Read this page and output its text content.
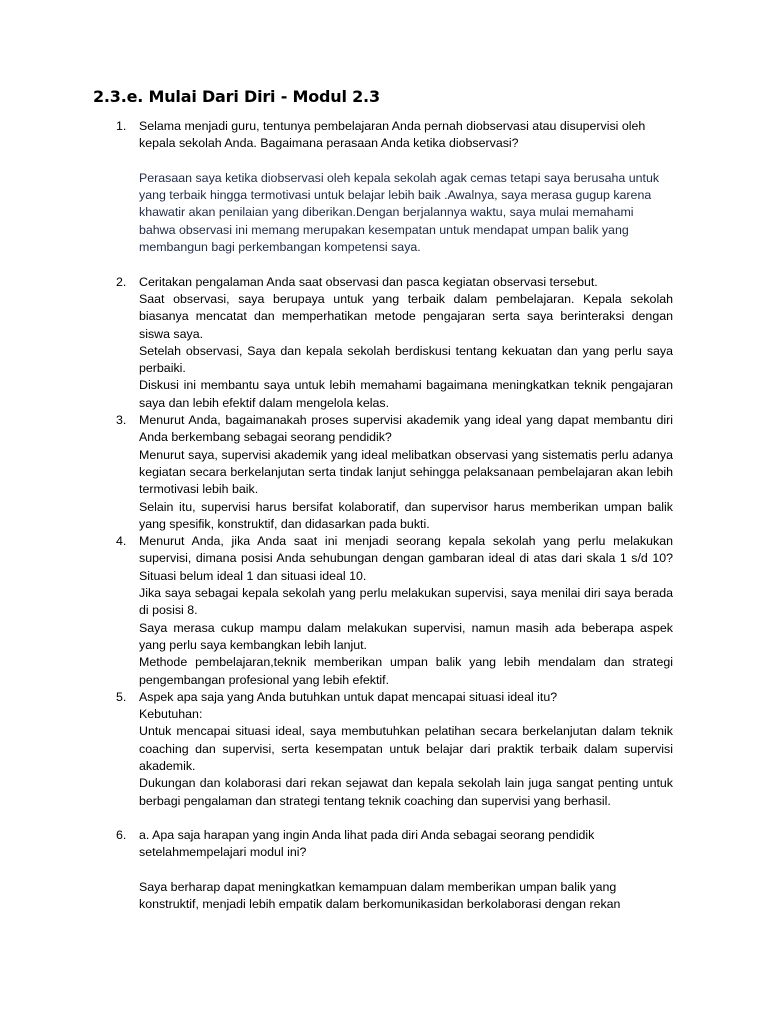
2.3.e. Mulai Dari Diri - Modul 2.3
1. Selama menjadi guru, tentunya pembelajaran Anda pernah diobservasi atau disupervisi oleh kepala sekolah Anda. Bagaimana perasaan Anda ketika diobservasi?

Perasaan saya ketika diobservasi oleh kepala sekolah agak cemas tetapi saya berusaha untuk yang terbaik hingga termotivasi untuk belajar lebih baik .Awalnya, saya merasa gugup karena khawatir akan penilaian yang diberikan.Dengan berjalannya waktu, saya mulai memahami bahwa observasi ini memang merupakan kesempatan untuk mendapat umpan balik yang membangun bagi perkembangan kompetensi saya.

2. Ceritakan pengalaman Anda saat observasi dan pasca kegiatan observasi tersebut.

Saat observasi, saya berupaya untuk yang terbaik dalam pembelajaran. Kepala sekolah biasanya mencatat dan memperhatikan metode pengajaran serta saya berinteraksi dengan siswa saya.

Setelah observasi, Saya dan kepala sekolah berdiskusi tentang kekuatan dan yang perlu saya perbaiki.

Diskusi ini membantu saya untuk lebih memahami bagaimana meningkatkan teknik pengajaran saya dan lebih efektif dalam mengelola kelas.

3. Menurut Anda, bagaimanakah proses supervisi akademik yang ideal yang dapat membantu diri Anda berkembang sebagai seorang pendidik?

Menurut saya, supervisi akademik yang ideal melibatkan observasi yang sistematis perlu adanya kegiatan secara berkelanjutan serta tindak lanjut sehingga pelaksanaan pembelajaran akan lebih termotivasi lebih baik.

Selain itu, supervisi harus bersifat kolaboratif, dan supervisor harus memberikan umpan balik yang spesifik, konstruktif, dan didasarkan pada bukti.

4. Menurut Anda, jika Anda saat ini menjadi seorang kepala sekolah yang perlu melakukan supervisi, dimana posisi Anda sehubungan dengan gambaran ideal di atas dari skala 1 s/d 10? Situasi belum ideal 1 dan situasi ideal 10.

Jika saya sebagai kepala sekolah yang perlu melakukan supervisi, saya menilai diri saya berada di posisi 8.

Saya merasa cukup mampu dalam melakukan supervisi, namun masih ada beberapa aspek yang perlu saya kembangkan lebih lanjut.

Methode pembelajaran,teknik memberikan umpan balik yang lebih mendalam dan strategi pengembangan profesional yang lebih efektif.

5. Aspek apa saja yang Anda butuhkan untuk dapat mencapai situasi ideal itu?

Kebutuhan:

Untuk mencapai situasi ideal, saya membutuhkan pelatihan secara berkelanjutan dalam teknik coaching dan supervisi, serta kesempatan untuk belajar dari praktik terbaik dalam supervisi akademik.

Dukungan dan kolaborasi dari rekan sejawat dan kepala sekolah lain juga sangat penting untuk berbagi pengalaman dan strategi tentang teknik coaching dan supervisi yang berhasil.

6. a. Apa saja harapan yang ingin Anda lihat pada diri Anda sebagai seorang pendidik setelahmempelajari modul ini?

Saya berharap dapat meningkatkan kemampuan dalam memberikan umpan balik yang konstruktif, menjadi lebih empatik dalam berkomunikasidan berkolaborasi dengan rekan
